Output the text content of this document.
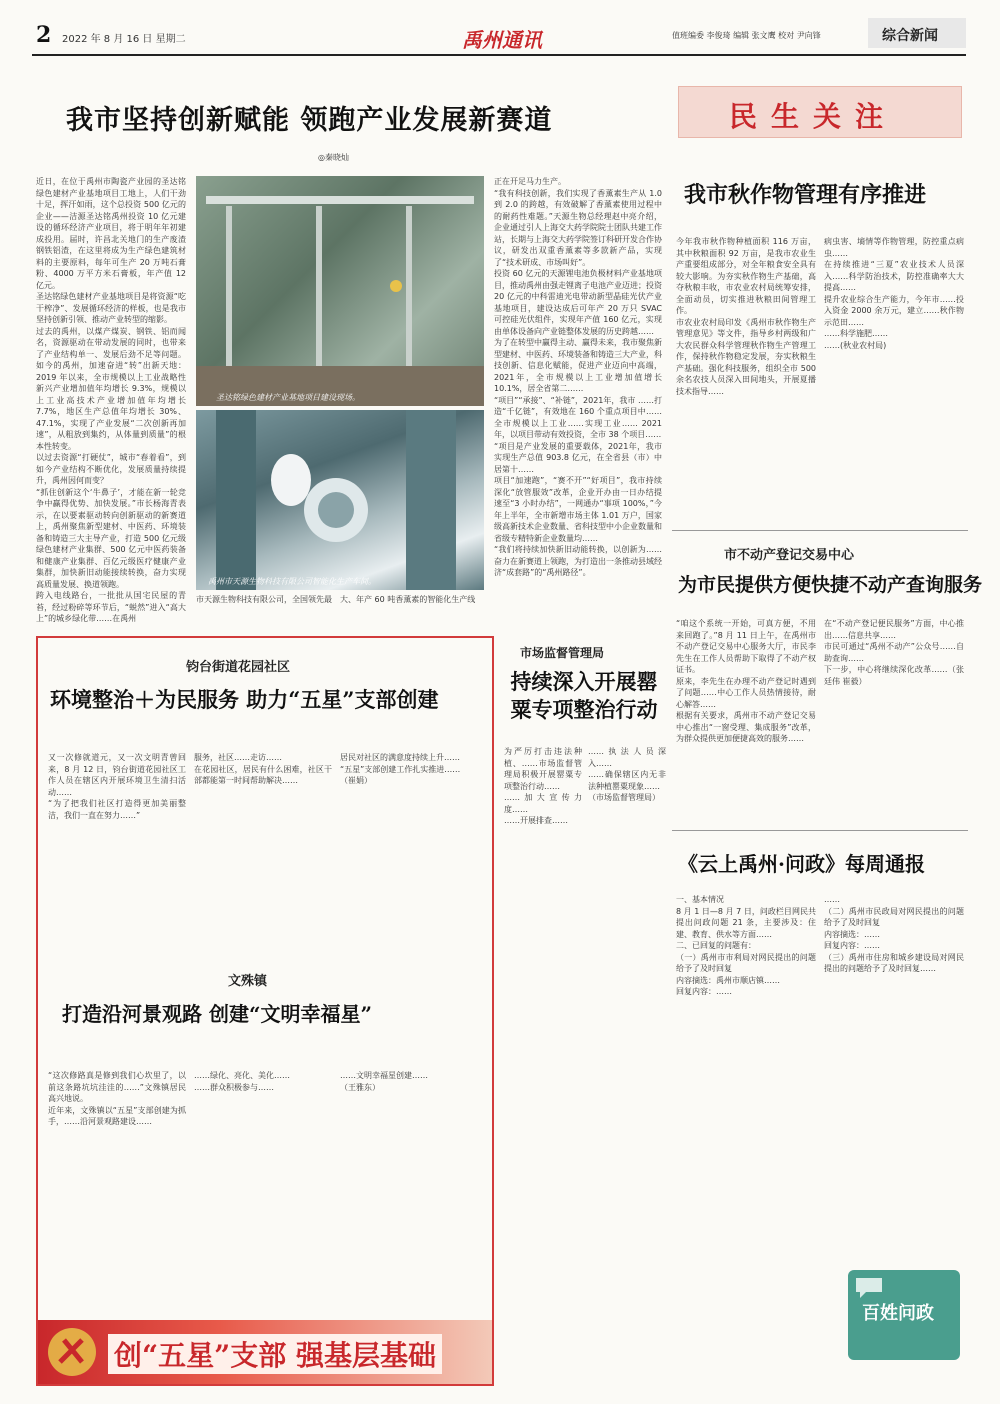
2 2022 年 8 月 16 日 星期二	禹州通讯	值班编委 李俊琦 编辑 张文鹰 校对 尹向锋	综合新闻
我市坚持创新赋能 领跑产业发展新赛道
◎秦晓灿
近日，在位于禹州市陶瓷产业园的圣达铭绿色建材产业基地项目工地上，人们干劲十足，挥汗如雨，这个总投资 500 亿元的企业——洁源圣达铭禹州投资 10 亿元建设的循环经济产业项目，将于明年年初建成投用。届时，许昌北关地门的生产废渣钢铁铝渣，在这里将成为生产绿色建筑材料的主要原料，每年可生产 20 万吨石膏粉、4000 万平方米石膏板，年产值 12 亿元。
圣达铭绿色建材产业基地项目是将资源“吃干榨净”、发展循环经济的样板，也是我市坚持创新引领、推动产业转型的缩影。
过去的禹州，以煤产煤炭、钢铁、铝而闻名，资源驱动在带动发展的同时，也带来了产业结构单一、发展后劲不足等问题。如今的禹州，加速奋进“转”出新天地：2019 年以来，全市规模以上工业战略性新兴产业增加值年均增长 9.3%，规模以上工业高技术产业增加值年均增长 7.7%，地区生产总值年均增长 30%、47.1%，实现了产业发展“二次创新再加速”，从粗放到集约，从体量到质量”的根本性转变。
以过去资源“打硬仗”，城市“春着看”，到如今产业结构不断优化，发展质量持续提升，禹州因何而变？
“抓住创新这个‘牛鼻子’，才能在新一轮竞争中赢得优势、加快发展。”市长杨海青表示，在以要素驱动转向创新驱动的新赛道上，禹州聚焦新型建材、中医药、环境装备和铸造三大主导产业，打造 500 亿元级绿色建材产业集群、500 亿元中医药装备和健康产业集群、百亿元级医疗健康产业集群，加快新旧动能接续转换，奋力实现高质量发展、换道领跑。
跨入电线路台，一批批从国宅民屋的青苔，经过粉碎等环节后，“蜕然”进入“高大上”的城乡绿化带……在禹州
圣达铭绿色建材产业基地项目建设现场。
禹州市天源生物科技有限公司智能化生产车间。
市天源生物科技有限公司，全国领先最	大、年产 60 吨香薰素的智能化生产线
正在开足马力生产。
“我有科技创新，我们实现了香薰素生产从 1.0 到 2.0 的跨越，有效破解了香薰素使用过程中的耐药性难题。”天源生物总经理赵中亮介绍，企业通过引人上海交大药学院院士团队共建工作站，长期与上海交大药学院签订科研开发合作协议，研发出双重香薰素等多款新产品，实现了“技术研成、市场叫好”。
投资 60 亿元的天源锂电池负极材料产业基地项目，推动禹州由强走锂离子电池产业迈进；投资 20 亿元的中科雷迪光电带动新型晶硅光伏产业基地项目，建设达成后可年产 20 万只 SVAC 可控硅光伏组件，实现年产值 160 亿元，实现由单体设备向产业链整体发展的历史跨越……
为了在转型中赢得主动、赢得未来，我市聚焦新型建材、中医药、环境装备和铸造三大产业，科技创新、信息化赋能，促进产业迈向中高端，2021年，全市规模以上工业增加值增长10.1%，居全省第二……
“项目”“承接”、“补链”，2021年，我市 ……打造“千亿链”，有效地在 160 个重点项目中……全市规模以上工业……实现工业…… 2021 年，以项目带动有效投资，全市 38 个项目……
“项目是产业发展的重要载体，2021年，我市实现生产总值 903.8 亿元，在全省县（市）中居第十……
项目“加速跑”，“赛不开”“好项目”，我市持续深化“放管服效”改革，企业开办由一日办结提速至“3 小时办结”，一网通办“事项 100%，”今年上半年，全市新增市场主体 1.01 万户，国家级高新技术企业数量、省科技型中小企业数量和省级专精特新企业数量均……
“我们将持续加快新旧动能转换，以创新为……奋力在新赛道上领跑，为打造出一条推动县域经济“成套路”的“禹州路径”。
民生关注
我市秋作物管理有序推进
今年我市秋作物种植面积 116 万亩，其中秋粮面积 92 万亩，是我市农业生产重要组成部分，对全年粮食安全具有较大影响。为夯实秋作物生产基础，高夺秋粮丰收，市农业农村局统筹安排，全面动员，切实推进秋粮田间管理工作。
市农业农村局印发《禹州市秋作物生产管理意见》等文件，指导乡村两级和广大农民群众科学管理秋作物生产管理工作，保持秋作物稳定发展，夯实秋粮生产基础。强化科技服务，组织全市 500 余名农技人员深入田间地头，开展夏播技术指导……
病虫害、墒情等作物管理，防控重点病虫……
在持续推进“三夏”农业技术人员深入……科学防治技术，防控准确率大大提高……
提升农业综合生产能力，今年市……投入资金 2000 余万元，建立……秋作物示范田……
……科学施肥……
……(秋业农村局)
市不动产登记交易中心
为市民提供方便快捷不动产查询服务
“咱这个系统一开始，可真方便，不用来回跑了。”8 月 11 日上午，在禹州市不动产登记交易中心服务大厅，市民李先生在工作人员帮助下取得了不动产权证书。
原来，李先生在办理不动产登记时遇到了问题……中心工作人员热情接待，耐心解答……
根据有关要求，禹州市不动产登记交易中心推出“一窗受理、集成服务”改革，为群众提供更加便捷高效的服务……
在“不动产登记便民服务”方面，中心推出……信息共享……
市民可通过“禹州不动产”公众号……自助查询……
下一步，中心将继续深化改革……（张廷伟 崔毅）
钧台街道花园社区
环境整治＋为民服务 助力“五星”支部创建
又一次修就道元，又一次文明青曾回来，8 月 12 日，钧台街道花园社区工作人员在辖区内开展环境卫生清扫活动……
“为了把我们社区打造得更加美丽整洁，我们一直在努力……”
服务，社区……走访……
在花园社区，居民有什么困难，社区干部都能第一时间帮助解决……
居民对社区的满意度持续上升……
“五星”支部创建工作扎实推进……
（崔娟）
文殊镇
打造沿河景观路 创建“文明幸福星”
“这次修路真是修到我们心坎里了，以前这条路坑坑洼洼的……”文殊镇居民高兴地说。
近年来，文殊镇以“五星”支部创建为抓手，……沿河景观路建设……
……绿化、亮化、美化……
……群众积极参与……
……文明幸福星创建……
（王雅东）
创“五星”支部 强基层基础
市场监督管理局
持续深入开展罂粟专项整治行动
为严厉打击违法种植、……市场监督管理局积极开展罂粟专项整治行动……
……加大宣传力度……
……开展排查……
……执法人员深入……
……确保辖区内无非法种植罂粟现象……
（市场监督管理局）
《云上禹州·问政》每周通报
一、基本情况
8 月 1 日—8 月 7 日，问政栏目网民共提出问政问题 21 条，主要涉及：住建、教育、供水等方面……
二、已回复的问题有：
（一）禹州市市利局对网民提出的问题给予了及时回复
内容摘选：禹州市顺店镇……
回复内容：……
……
（二）禹州市民政局对网民提出的问题给予了及时回复
内容摘选：……
回复内容：……
（三）禹州市住房和城乡建设局对网民提出的问题给予了及时回复……
百姓问政
